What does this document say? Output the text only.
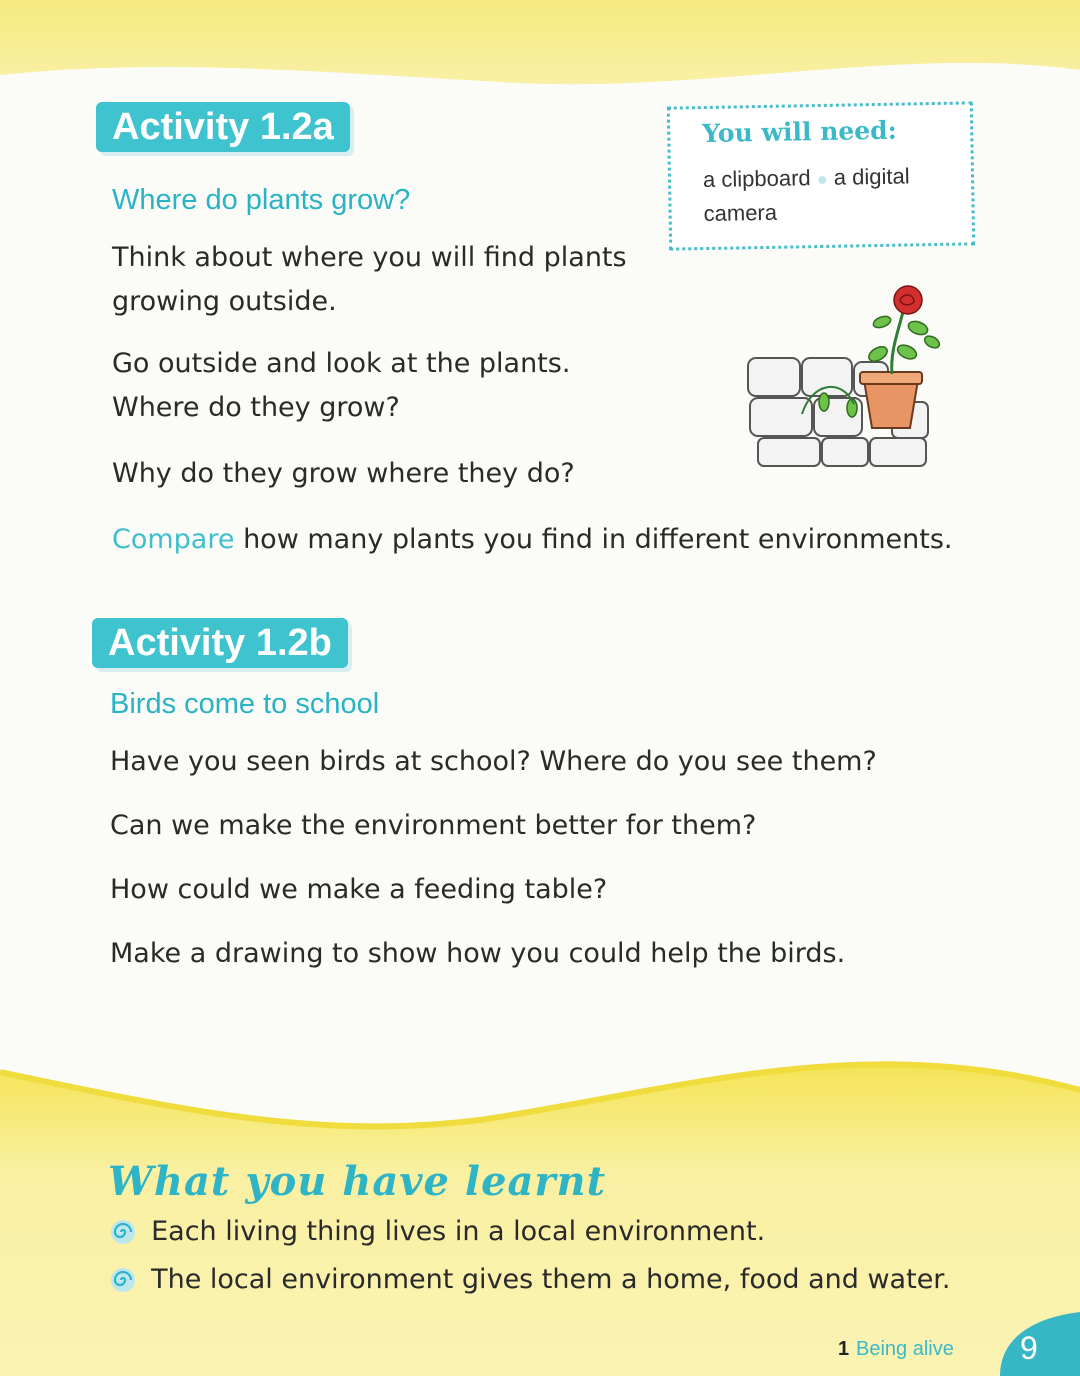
Activity 1.2a
Where do plants grow?

Think about where you will find plants

growing outside.

Go outside and look at the plants.

Where do they grow?

Why do they grow where they do?

Compare how many plants you find in different environments.

You will need:
a clipboard ● a digital
camera
Activity 1.2b
Birds come to school

Have you seen birds at school? Where do you see them?

Can we make the environment better for them?

How could we make a feeding table?

Make a drawing to show how you could help the birds.

What you have learnt
Each living thing lives in a local environment.
The local environment gives them a home, food and water.
1 Being alive 9
